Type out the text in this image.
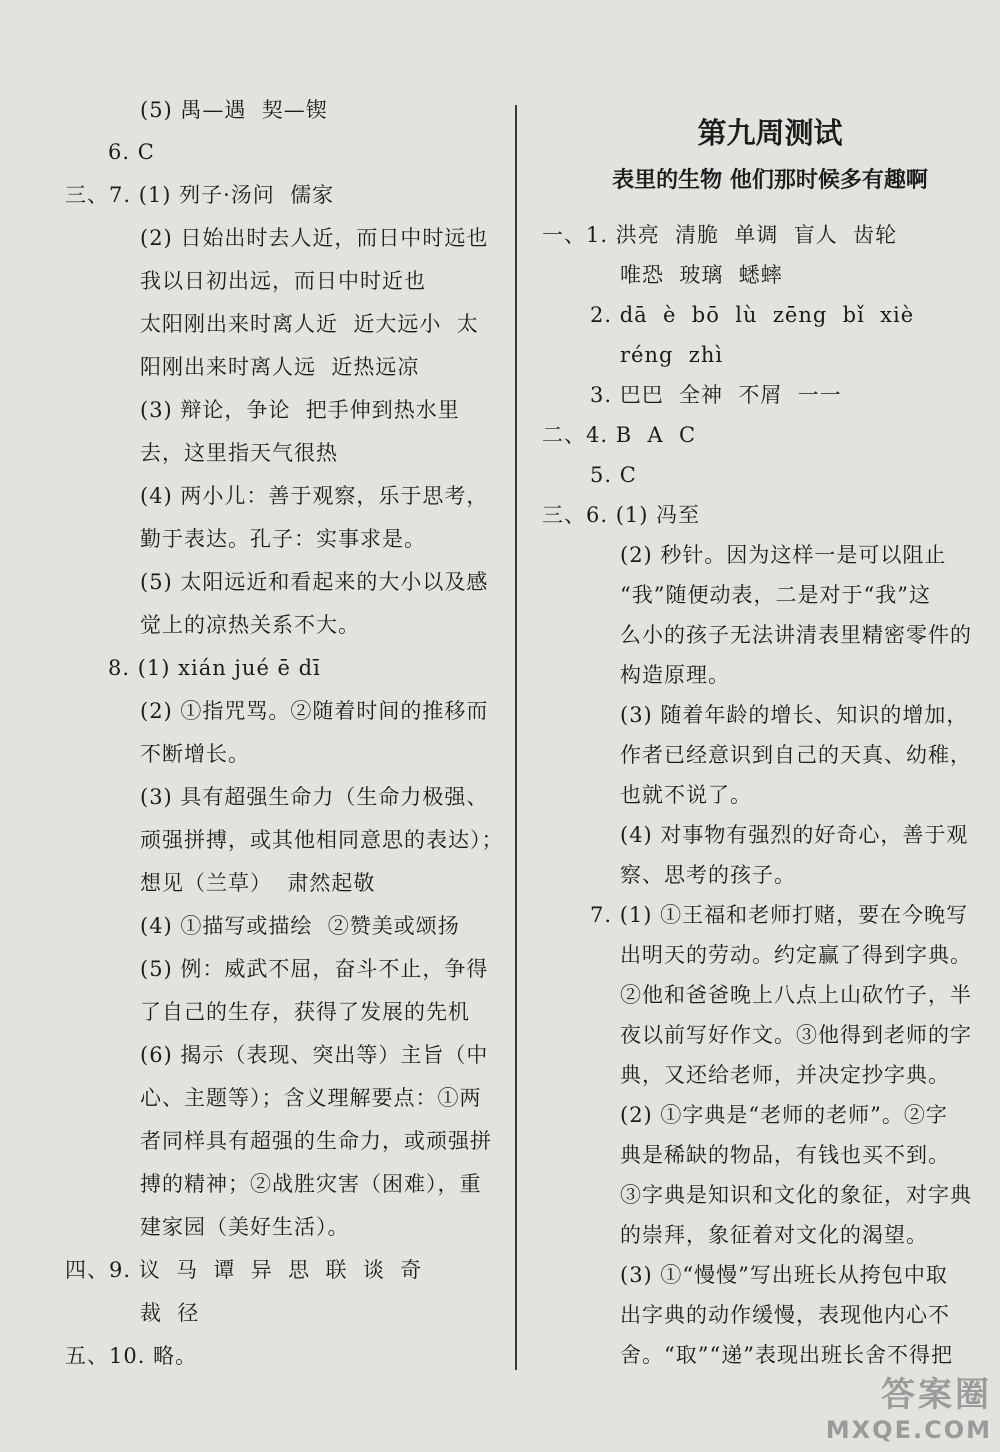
(5) 禺—遇  契—锲
6. C
三、7. (1) 列子·汤问  儒家
(2) 日始出时去人近，而日中时远也
我以日初出远，而日中时近也
太阳刚出来时离人近  近大远小  太
阳刚出来时离人远  近热远凉
(3) 辩论，争论  把手伸到热水里
去，这里指天气很热
(4) 两小儿：善于观察，乐于思考，
勤于表达。孔子：实事求是。
(5) 太阳远近和看起来的大小以及感
觉上的凉热关系不大。
8. (1) xián jué ē dī
(2) ①指咒骂。②随着时间的推移而
不断增长。
(3) 具有超强生命力（生命力极强、
顽强拼搏，或其他相同意思的表达）；
想见（兰草）  肃然起敬
(4) ①描写或描绘  ②赞美或颂扬
(5) 例：威武不屈，奋斗不止，争得
了自己的生存，获得了发展的先机
(6) 揭示（表现、突出等）主旨（中
心、主题等）；含义理解要点：①两
者同样具有超强的生命力，或顽强拼
搏的精神；②战胜灾害（困难），重
建家园（美好生活）。
四、9. 议  马  谭  异  思  联  谈  奇
裁  径
五、10. 略。
第九周测试
表里的生物 他们那时候多有趣啊
一、1. 洪亮  清脆  单调  盲人  齿轮
唯恐  玻璃  蟋蟀
2. dā  è  bō  lù  zēng  bǐ  xiè
réng  zhì
3. 巴巴  全神  不屑  一一
二、4. B  A  C
5. C
三、6. (1) 冯至
(2) 秒针。因为这样一是可以阻止
“我”随便动表，二是对于“我”这
么小的孩子无法讲清表里精密零件的
构造原理。
(3) 随着年龄的增长、知识的增加，
作者已经意识到自己的天真、幼稚，
也就不说了。
(4) 对事物有强烈的好奇心，善于观
察、思考的孩子。
7. (1) ①王福和老师打赌，要在今晚写
出明天的劳动。约定赢了得到字典。
②他和爸爸晚上八点上山砍竹子，半
夜以前写好作文。③他得到老师的字
典，又还给老师，并决定抄字典。
(2) ①字典是“老师的老师”。②字
典是稀缺的物品，有钱也买不到。
③字典是知识和文化的象征，对字典
的崇拜，象征着对文化的渴望。
(3) ①“慢慢”写出班长从挎包中取
出字典的动作缓慢，表现他内心不
舍。“取”“递”表现出班长舍不得把
答案圈
MXQE.COM
